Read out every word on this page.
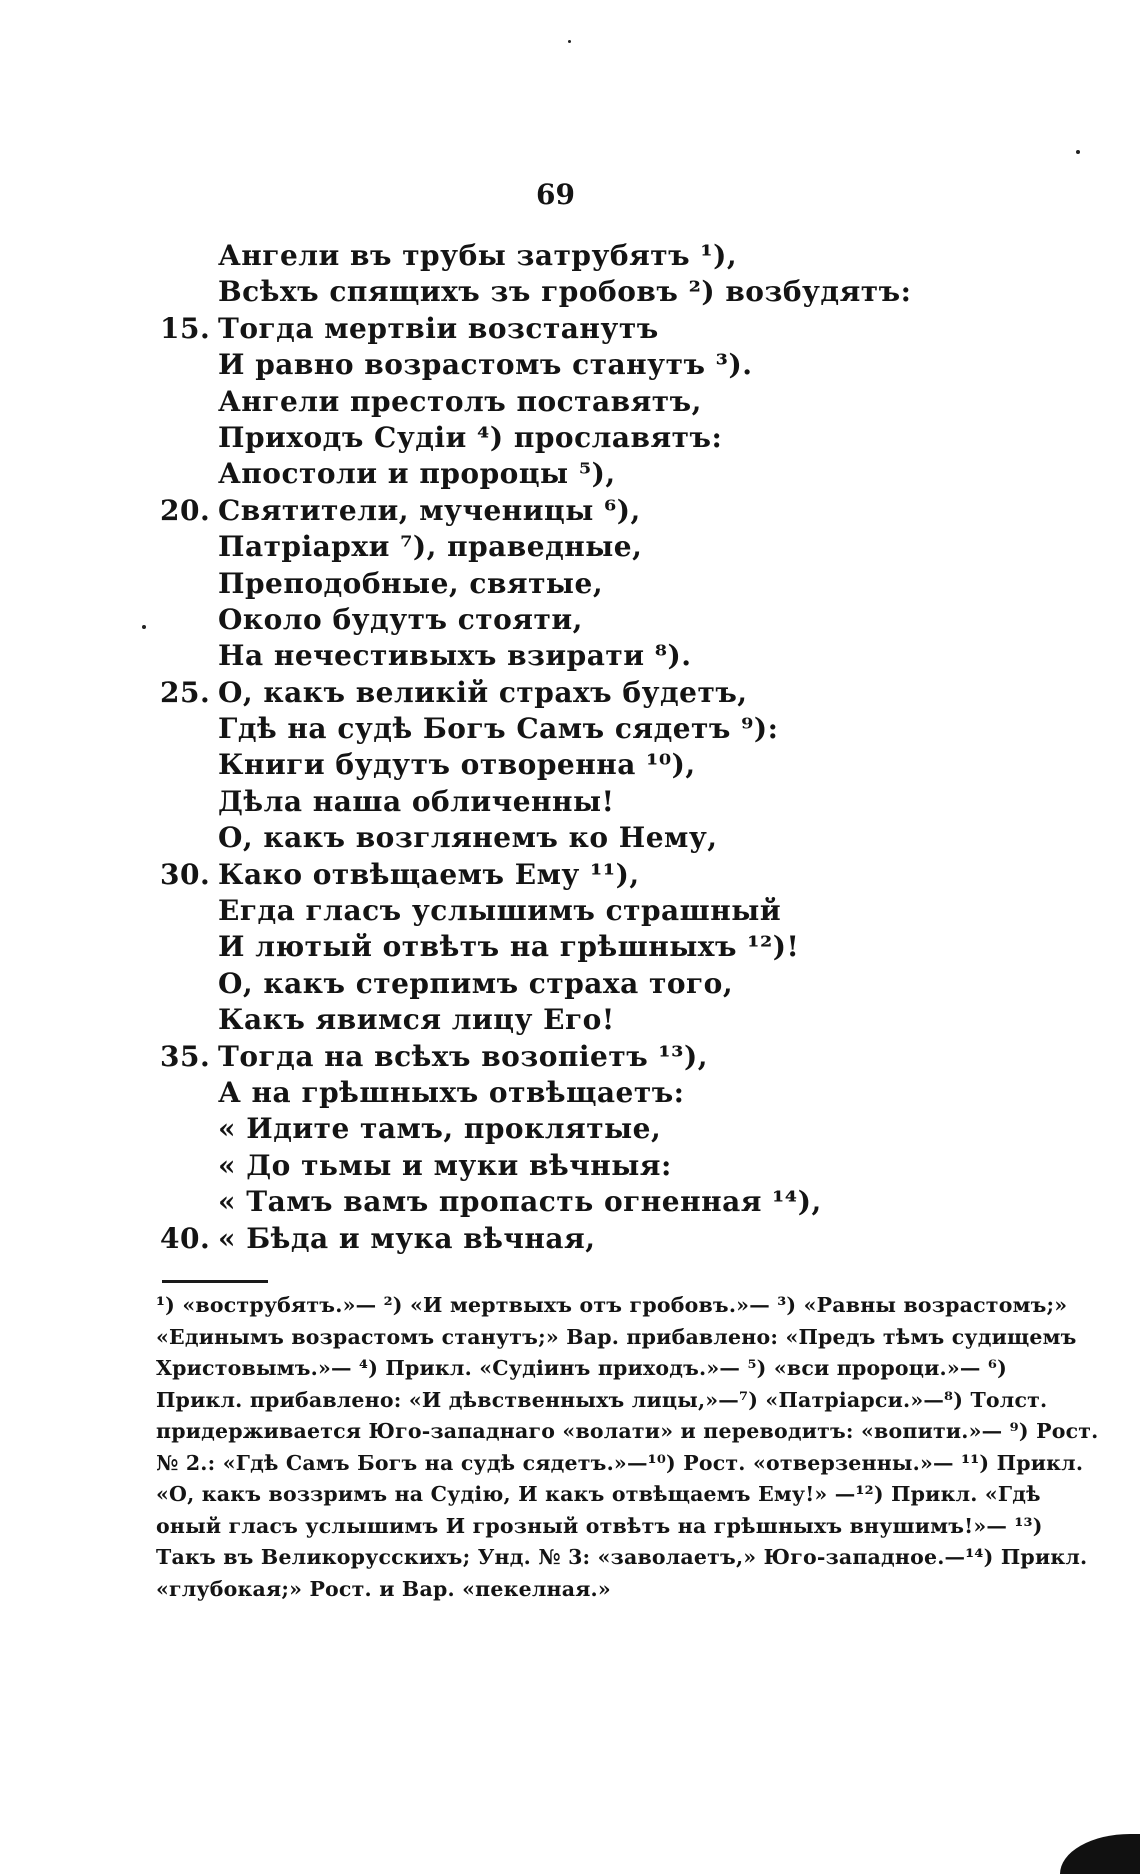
69
Ангели въ трубы затрубятъ ¹),
Всѣхъ спящихъ зъ гробовъ ²) возбудятъ:
15. Тогда мертвіи возстанутъ
И равно возрастомъ станутъ ³).
Ангели престолъ поставятъ,
Приходъ Судіи ⁴) прославятъ:
Апостоли и пророцы ⁵),
20. Святители, мученицы ⁶),
Патріархи ⁷), праведные,
Преподобные, святые,
Около будутъ стояти,
На нечестивыхъ взирати ⁸).
25. О, какъ великій страхъ будетъ,
Гдѣ на судѣ Богъ Самъ сядетъ ⁹):
Книги будутъ отворенна ¹⁰),
Дѣла наша обличенны!
О, какъ возглянемъ ко Нему,
30. Како отвѣщаемъ Ему ¹¹),
Егда гласъ услышимъ страшный
И лютый отвѣтъ на грѣшныхъ ¹²)!
О, какъ стерпимъ страха того,
Какъ явимся лицу Его!
35. Тогда на всѣхъ возопіетъ ¹³),
А на грѣшныхъ отвѣщаетъ:
« Идите тамъ, проклятые,
« До тьмы и муки вѣчныя:
« Тамъ вамъ пропасть огненная ¹⁴),
40. « Бѣда и мука вѣчная,
¹) «вострубятъ.»— ²) «И мертвыхъ отъ гробовъ.»— ³) «Равны возрастомъ;»
«Единымъ возрастомъ станутъ;» Вар. прибавлено: «Предъ тѣмъ судищемъ
Христовымъ.»— ⁴) Прикл. «Судіинъ приходъ.»— ⁵) «вси пророци.»— ⁶)
Прикл. прибавлено: «И дѣвственныхъ лицы,»—⁷) «Патріарси.»—⁸) Толст.
придерживается Юго-западнаго «волати» и переводитъ: «вопити.»— ⁹) Рост.
№ 2.: «Гдѣ Самъ Богъ на судѣ сядетъ.»—¹⁰) Рост. «отверзенны.»— ¹¹) Прикл.
«О, какъ воззримъ на Судію, И какъ отвѣщаемъ Ему!» —¹²) Прикл. «Гдѣ
оный гласъ услышимъ И грозный отвѣтъ на грѣшныхъ внушимъ!»— ¹³)
Такъ въ Великорусскихъ; Унд. № 3: «заволаетъ,» Юго-западное.—¹⁴) Прикл.
«глубокая;» Рост. и Вар. «пекелная.»
